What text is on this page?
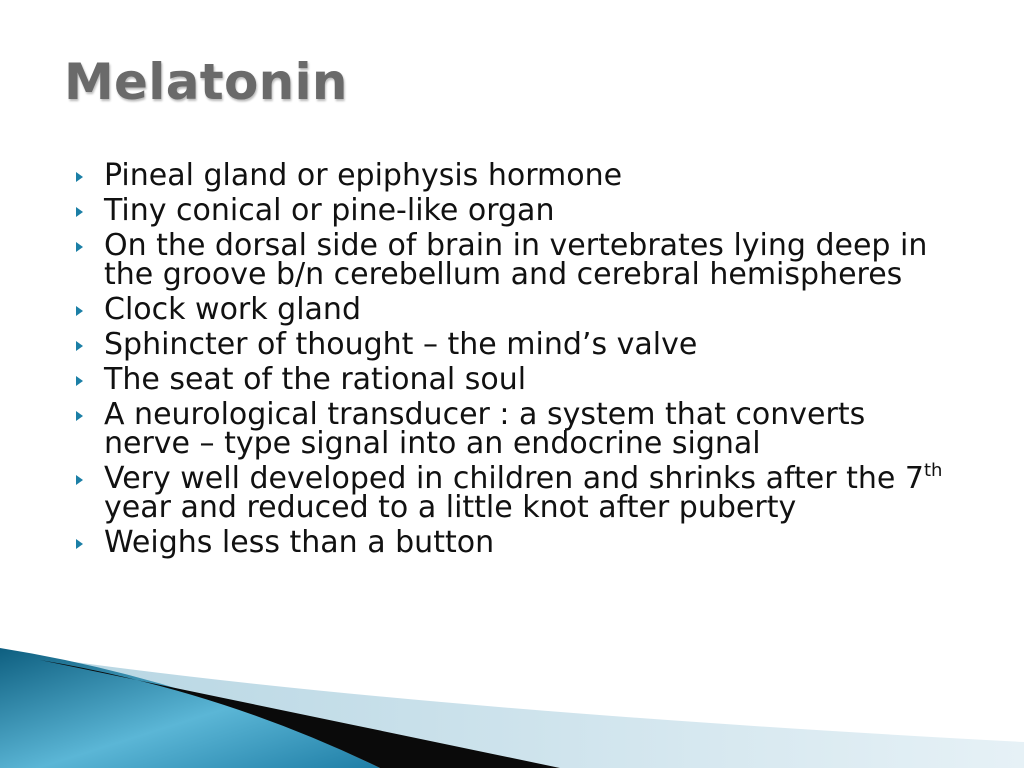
Melatonin
Pineal gland or epiphysis hormone
Tiny conical or pine-like organ
On the dorsal side of brain in vertebrates lying deep in the groove b/n cerebellum and cerebral hemispheres
Clock work gland
Sphincter of thought – the mind’s valve
The seat of the rational soul
A neurological transducer : a system that converts nerve – type signal into an endocrine signal
Very well developed in children and shrinks after the 7th year and reduced to a little knot after puberty
Weighs less than a button
